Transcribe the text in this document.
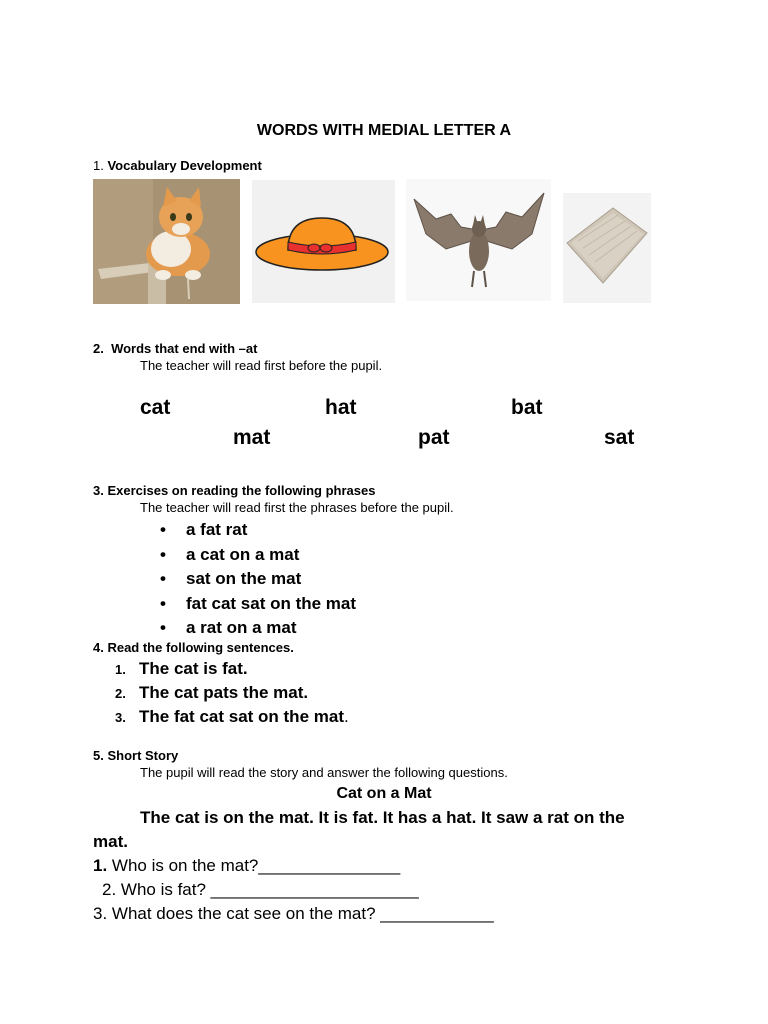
WORDS WITH MEDIAL LETTER A
1. Vocabulary Development
2. Words that end with –at
The teacher will read first before the pupil.
cat	hat	bat
mat	pat	sat
3. Exercises on reading the following phrases
The teacher will read first the phrases before the pupil.
• a fat rat
• a cat on a mat
• sat on the mat
• fat cat sat on the mat
• a rat on a mat
4. Read the following sentences.
1. The cat is fat.
2. The cat pats the mat.
3. The fat cat sat on the mat.
5. Short Story
The pupil will read the story and answer the following questions.
Cat on a Mat
The cat is on the mat. It is fat. It has a hat. It saw a rat on the
mat.
1. Who is on the mat?_______________
2. Who is fat? ______________________
3. What does the cat see on the mat? ____________
